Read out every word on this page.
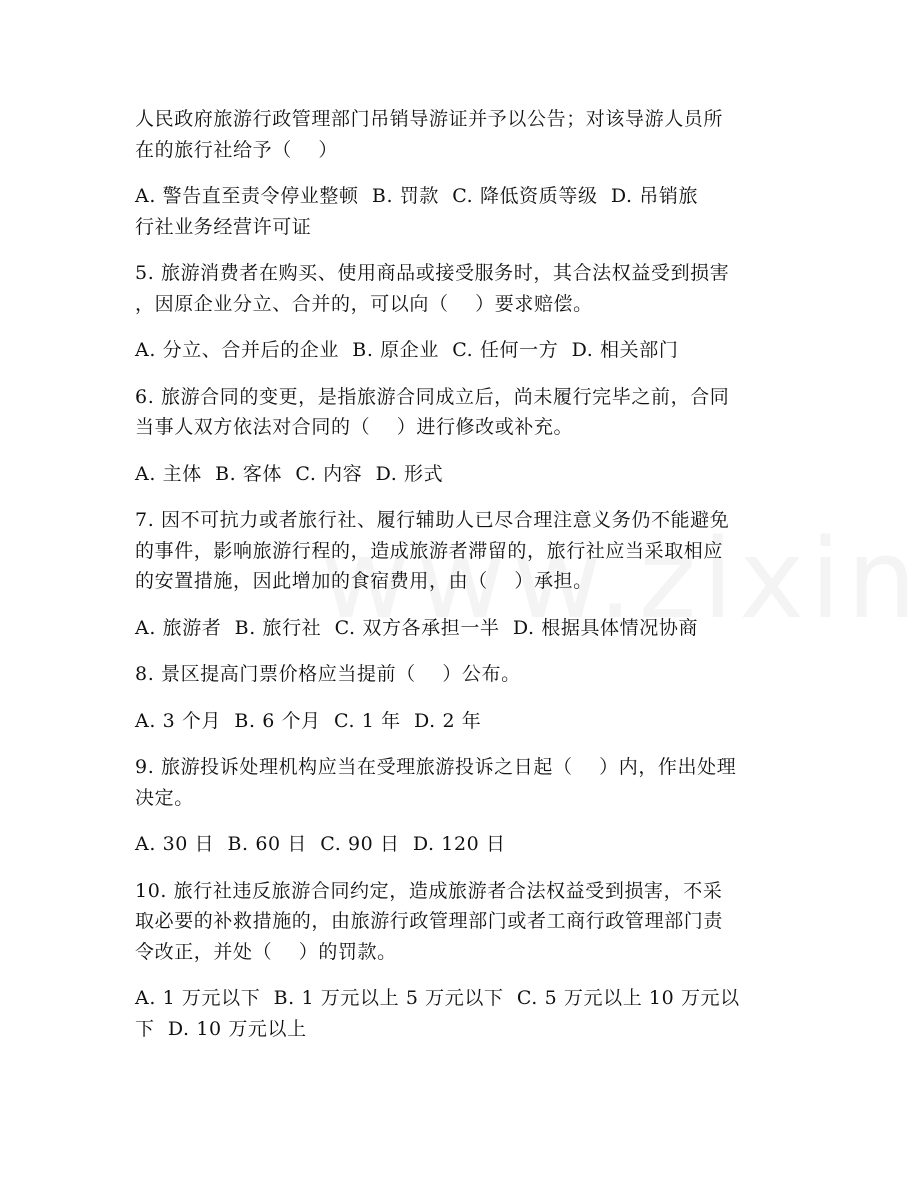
人民政府旅游行政管理部门吊销导游证并予以公告；对该导游人员所
在的旅行社给予（    ）
A. 警告直至责令停业整顿  B. 罚款  C. 降低资质等级  D. 吊销旅
行社业务经营许可证
5. 旅游消费者在购买、使用商品或接受服务时，其合法权益受到损害
，因原企业分立、合并的，可以向（    ）要求赔偿。
A. 分立、合并后的企业  B. 原企业  C. 任何一方  D. 相关部门
6. 旅游合同的变更，是指旅游合同成立后，尚未履行完毕之前，合同
当事人双方依法对合同的（    ）进行修改或补充。
A. 主体  B. 客体  C. 内容  D. 形式
7. 因不可抗力或者旅行社、履行辅助人已尽合理注意义务仍不能避免
的事件，影响旅游行程的，造成旅游者滞留的，旅行社应当采取相应
的安置措施，因此增加的食宿费用，由（    ）承担。
A. 旅游者  B. 旅行社  C. 双方各承担一半  D. 根据具体情况协商
8. 景区提高门票价格应当提前（    ）公布。
A. 3 个月  B. 6 个月  C. 1 年  D. 2 年
9. 旅游投诉处理机构应当在受理旅游投诉之日起（    ）内，作出处理
决定。
A. 30 日  B. 60 日  C. 90 日  D. 120 日
10. 旅行社违反旅游合同约定，造成旅游者合法权益受到损害，不采
取必要的补救措施的，由旅游行政管理部门或者工商行政管理部门责
令改正，并处（    ）的罚款。
A. 1 万元以下  B. 1 万元以上 5 万元以下  C. 5 万元以上 10 万元以
下  D. 10 万元以上
